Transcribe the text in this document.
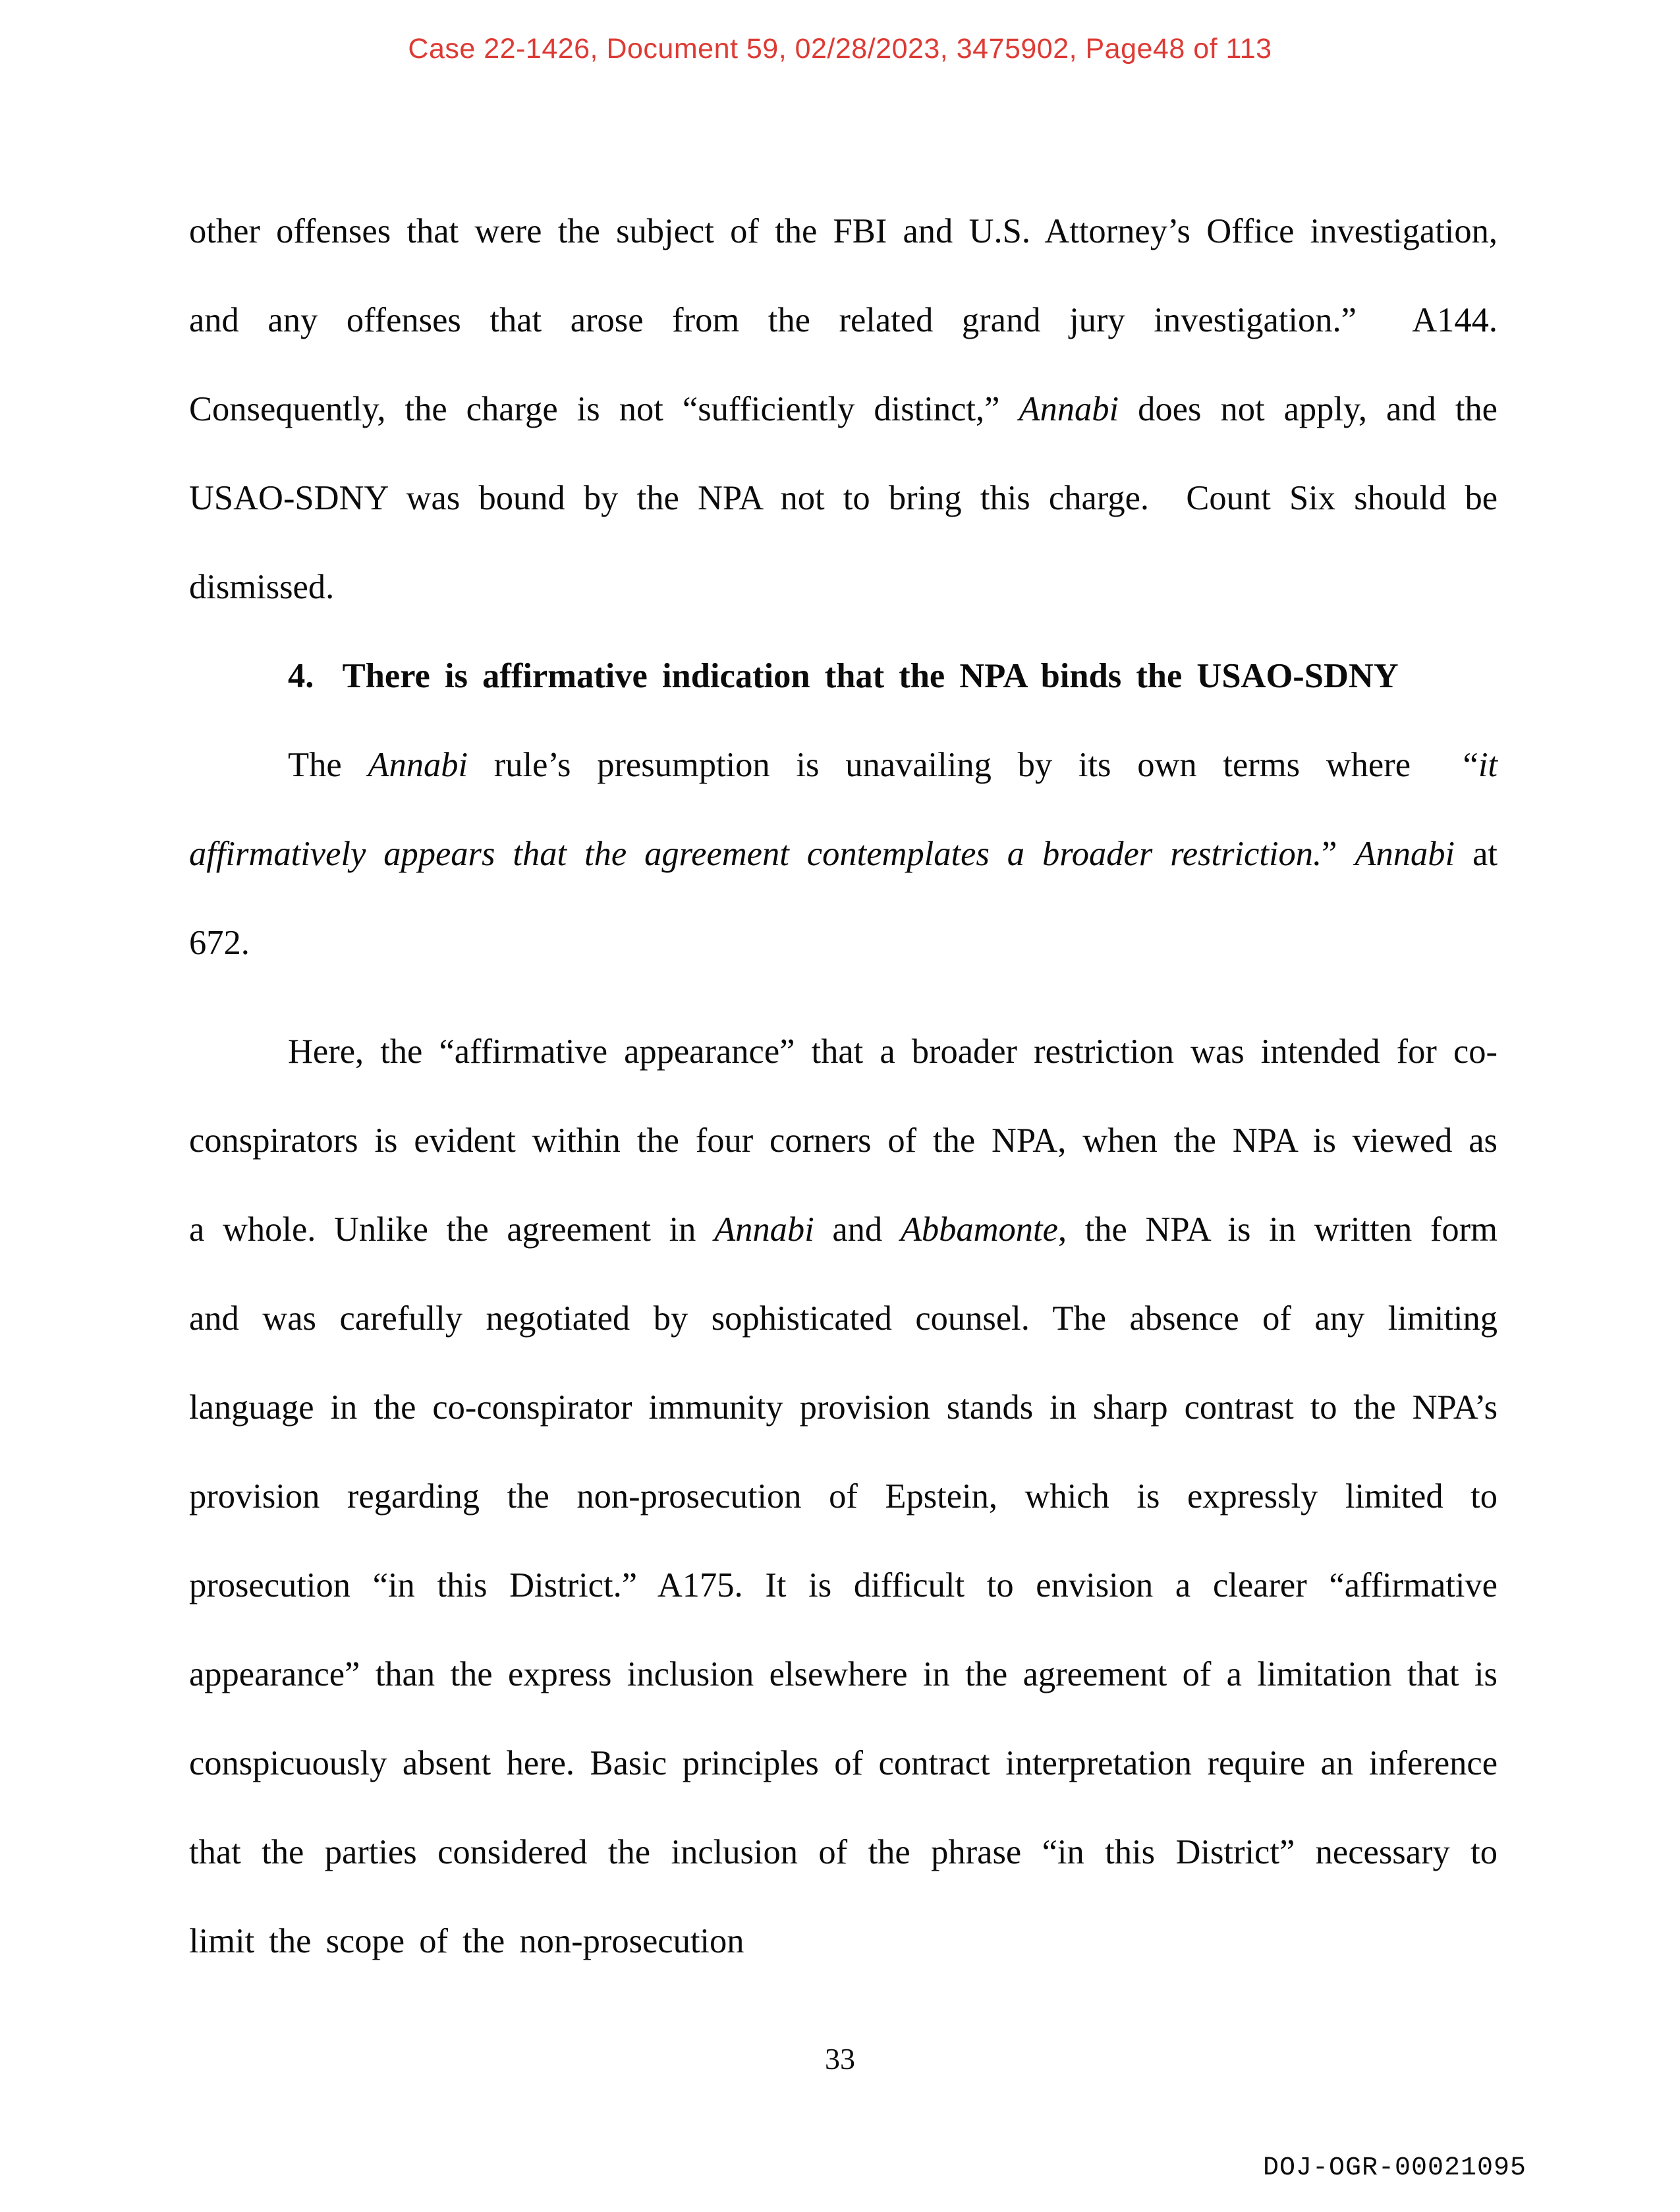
Case 22-1426, Document 59, 02/28/2023, 3475902, Page48 of 113

other offenses that were the subject of the FBI and U.S. Attorney’s Office investigation, and any offenses that arose from the related grand jury investigation.”  A144.  Consequently, the charge is not “sufficiently distinct,” Annabi does not apply, and the USAO-SDNY was bound by the NPA not to bring this charge.  Count Six should be dismissed.

4.  There is affirmative indication that the NPA binds the USAO-SDNY

The Annabi rule’s presumption is unavailing by its own terms where  “it affirmatively appears that the agreement contemplates a broader restriction.” Annabi at 672.

Here, the “affirmative appearance” that a broader restriction was intended for co-conspirators is evident within the four corners of the NPA, when the NPA is viewed as a whole. Unlike the agreement in Annabi and Abbamonte, the NPA is in written form and was carefully negotiated by sophisticated counsel. The absence of any limiting language in the co-conspirator immunity provision stands in sharp contrast to the NPA’s provision regarding the non-prosecution of Epstein, which is expressly limited to prosecution “in this District.” A175. It is difficult to envision a clearer “affirmative appearance” than the express inclusion elsewhere in the agreement of a limitation that is conspicuously absent here. Basic principles of contract interpretation require an inference that the parties considered the inclusion of the phrase “in this District” necessary to limit the scope of the non-prosecution

33
DOJ-OGR-00021095
